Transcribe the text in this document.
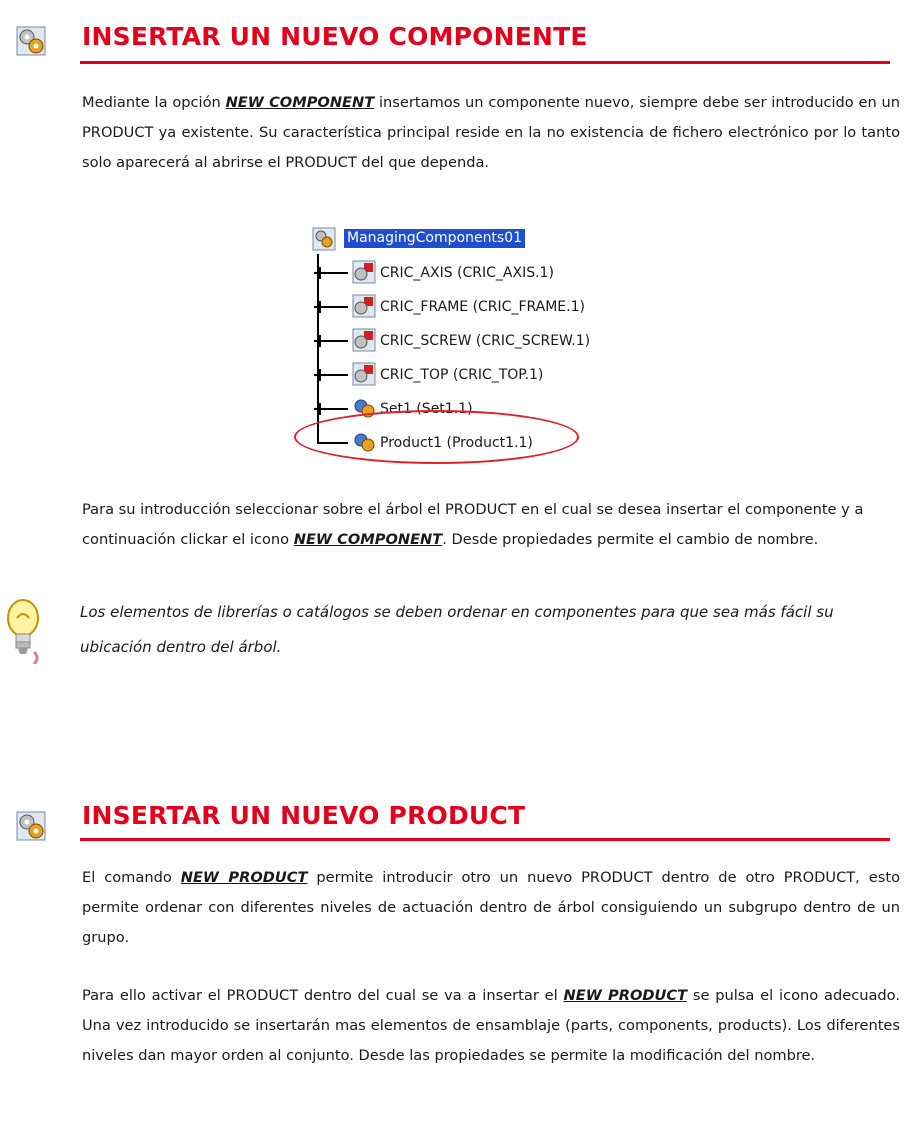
INSERTAR UN NUEVO COMPONENTE

Mediante la opción NEW COMPONENT insertamos un componente nuevo, siempre debe ser introducido en un PRODUCT ya existente. Su característica principal reside en la no existencia de fichero electrónico por lo tanto solo aparecerá al abrirse el PRODUCT del que dependa.

ManagingComponents01
CRIC_AXIS (CRIC_AXIS.1)
CRIC_FRAME (CRIC_FRAME.1)
CRIC_SCREW (CRIC_SCREW.1)
CRIC_TOP (CRIC_TOP.1)
Set1 (Set1.1)
Product1 (Product1.1)

Para su introducción seleccionar sobre el árbol el PRODUCT en el cual se desea insertar el componente y a continuación clickar el icono NEW COMPONENT. Desde propiedades permite el cambio de nombre.

Los elementos de librerías o catálogos se deben ordenar en componentes para que sea más fácil su ubicación dentro del árbol.

INSERTAR UN NUEVO PRODUCT

El comando NEW PRODUCT permite introducir otro un nuevo PRODUCT dentro de otro PRODUCT, esto permite ordenar con diferentes niveles de actuación dentro de árbol consiguiendo un subgrupo dentro de un grupo.

Para ello activar el PRODUCT dentro del cual se va a insertar el NEW PRODUCT se pulsa el icono adecuado. Una vez introducido se insertarán mas elementos de ensamblaje (parts, components, products). Los diferentes niveles dan mayor orden al conjunto. Desde las propiedades se permite la modificación del nombre.
